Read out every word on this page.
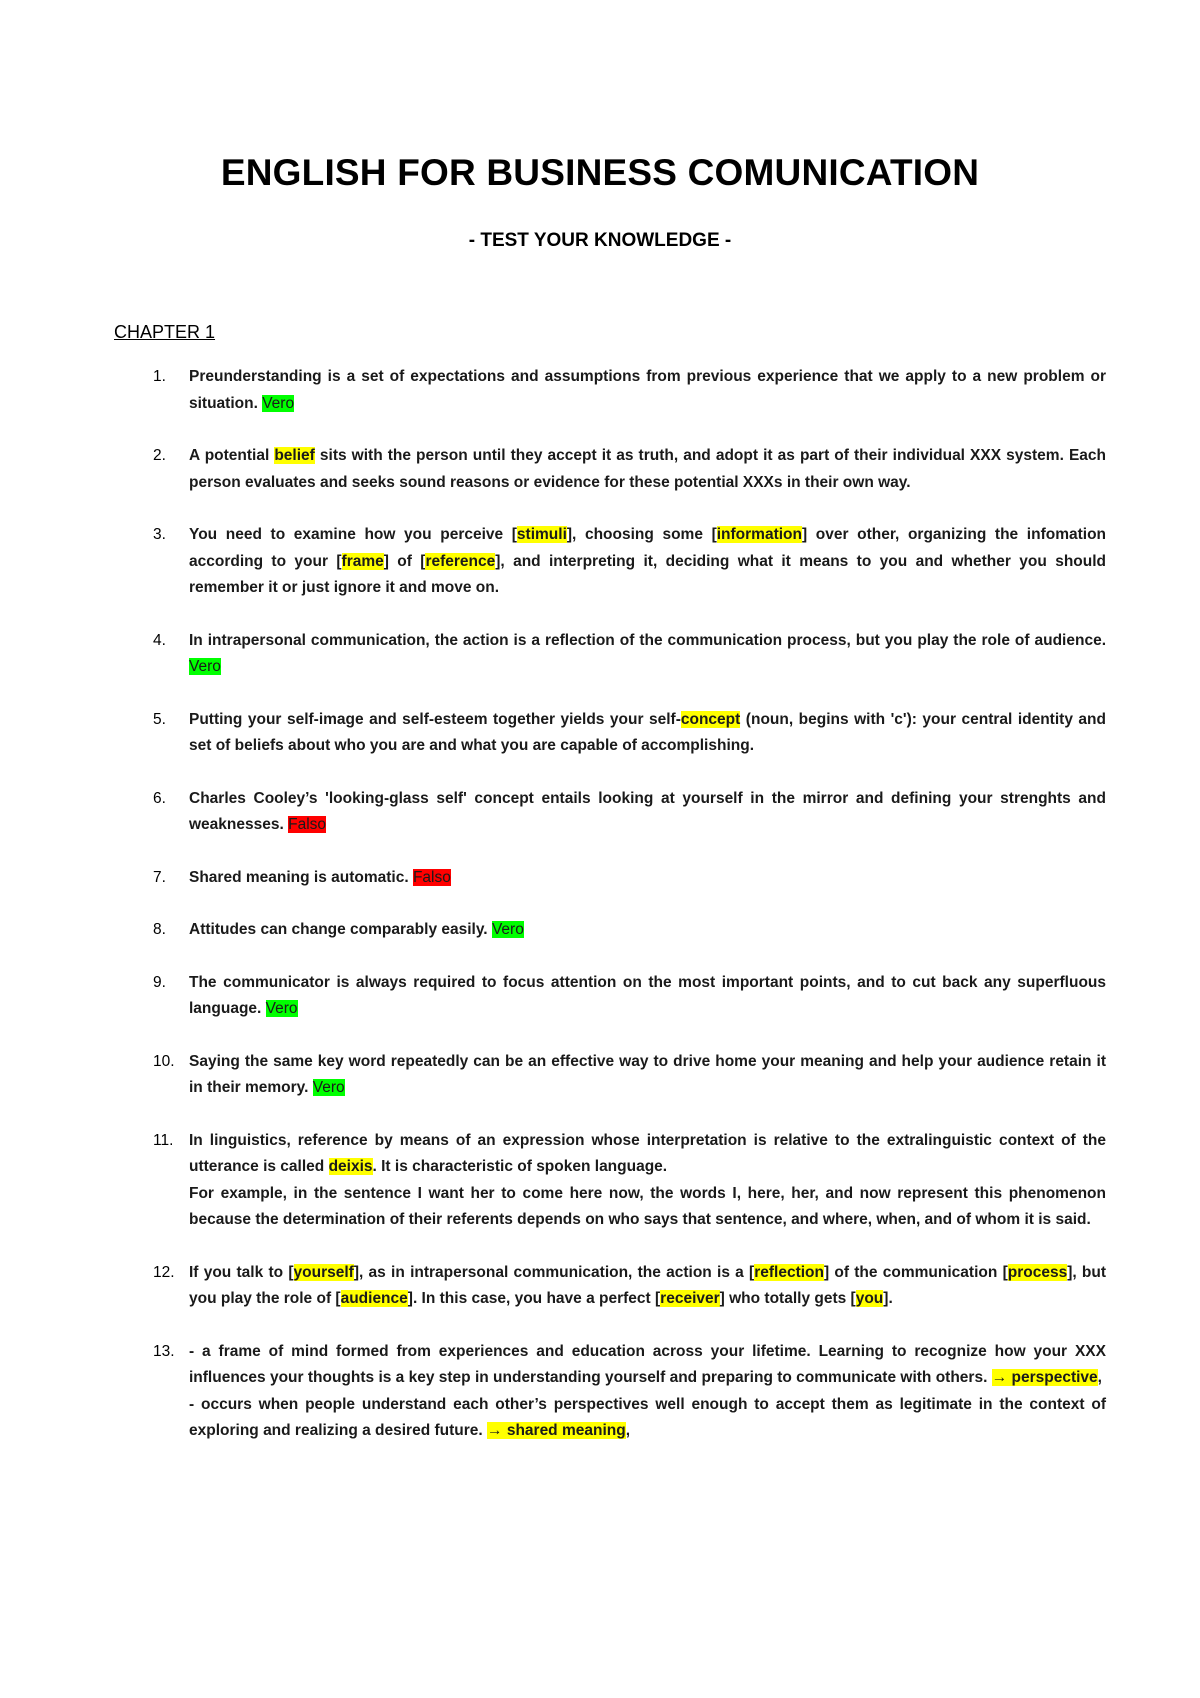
ENGLISH FOR BUSINESS COMUNICATION
- TEST YOUR KNOWLEDGE -
CHAPTER 1
1. Preunderstanding is a set of expectations and assumptions from previous experience that we apply to a new problem or situation. Vero
2. A potential belief sits with the person until they accept it as truth, and adopt it as part of their individual XXX system. Each person evaluates and seeks sound reasons or evidence for these potential XXXs in their own way.
3. You need to examine how you perceive [stimuli], choosing some [information] over other, organizing the infomation according to your [frame] of [reference], and interpreting it, deciding what it means to you and whether you should remember it or just ignore it and move on.
4. In intrapersonal communication, the action is a reflection of the communication process, but you play the role of audience. Vero
5. Putting your self-image and self-esteem together yields your self-concept (noun, begins with 'c'): your central identity and set of beliefs about who you are and what you are capable of accomplishing.
6. Charles Cooley’s 'looking-glass self' concept entails looking at yourself in the mirror and defining your strenghts and weaknesses. Falso
7. Shared meaning is automatic. Falso
8. Attitudes can change comparably easily. Vero
9. The communicator is always required to focus attention on the most important points, and to cut back any superfluous language. Vero
10. Saying the same key word repeatedly can be an effective way to drive home your meaning and help your audience retain it in their memory. Vero
11. In linguistics, reference by means of an expression whose interpretation is relative to the extralinguistic context of the utterance is called deixis. It is characteristic of spoken language.
For example, in the sentence I want her to come here now, the words I, here, her, and now represent this phenomenon because the determination of their referents depends on who says that sentence, and where, when, and of whom it is said.
12. If you talk to [yourself], as in intrapersonal communication, the action is a [reflection] of the communication [process], but you play the role of [audience]. In this case, you have a perfect [receiver] who totally gets [you].
13. - a frame of mind formed from experiences and education across your lifetime. Learning to recognize how your XXX influences your thoughts is a key step in understanding yourself and preparing to communicate with others. → perspective,
- occurs when people understand each other’s perspectives well enough to accept them as legitimate in the context of exploring and realizing a desired future. → shared meaning,
